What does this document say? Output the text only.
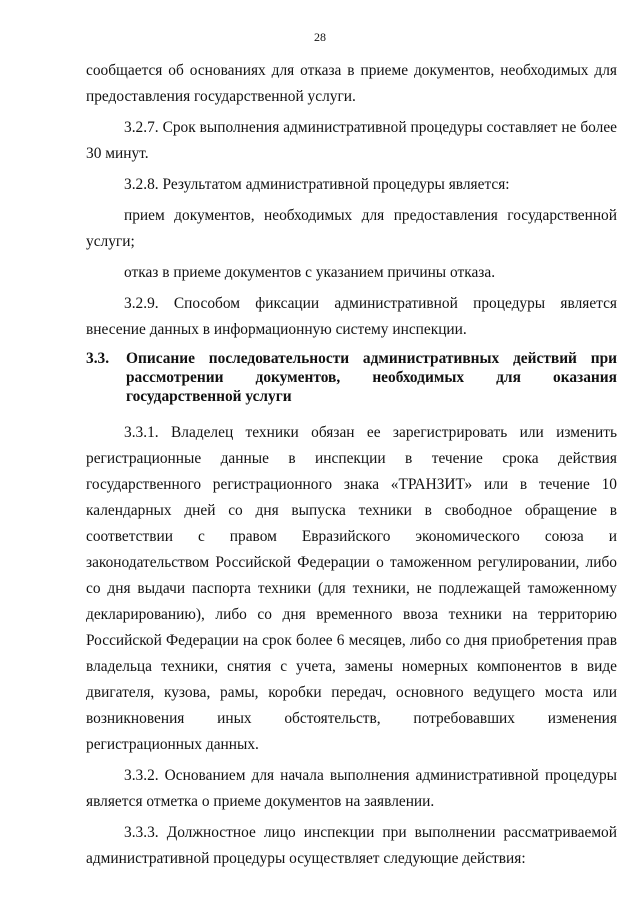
28

сообщается об основаниях для отказа в приеме документов, необходимых для предоставления государственной услуги.

3.2.7. Срок выполнения административной процедуры составляет не более 30 минут.

3.2.8. Результатом административной процедуры является:

прием документов, необходимых для предоставления государственной услуги;

отказ в приеме документов с указанием причины отказа.

3.2.9. Способом фиксации административной процедуры является внесение данных в информационную систему инспекции.

3.3.	Описание последовательности административных действий при рассмотрении документов, необходимых для оказания государственной услуги

3.3.1. Владелец техники обязан ее зарегистрировать или изменить регистрационные данные в инспекции в течение срока действия государственного регистрационного знака «ТРАНЗИТ» или в течение 10 календарных дней со дня выпуска техники в свободное обращение в соответствии с правом Евразийского экономического союза и законодательством Российской Федерации о таможенном регулировании, либо со дня выдачи паспорта техники (для техники, не подлежащей таможенному декларированию), либо со дня временного ввоза техники на территорию Российской Федерации на срок более 6 месяцев, либо со дня приобретения прав владельца техники, снятия с учета, замены номерных компонентов в виде двигателя, кузова, рамы, коробки передач, основного ведущего моста или возникновения иных обстоятельств, потребовавших изменения регистрационных данных.

3.3.2. Основанием для начала выполнения административной процедуры является отметка о приеме документов на заявлении.

3.3.3. Должностное лицо инспекции при выполнении рассматриваемой административной процедуры осуществляет следующие действия:
